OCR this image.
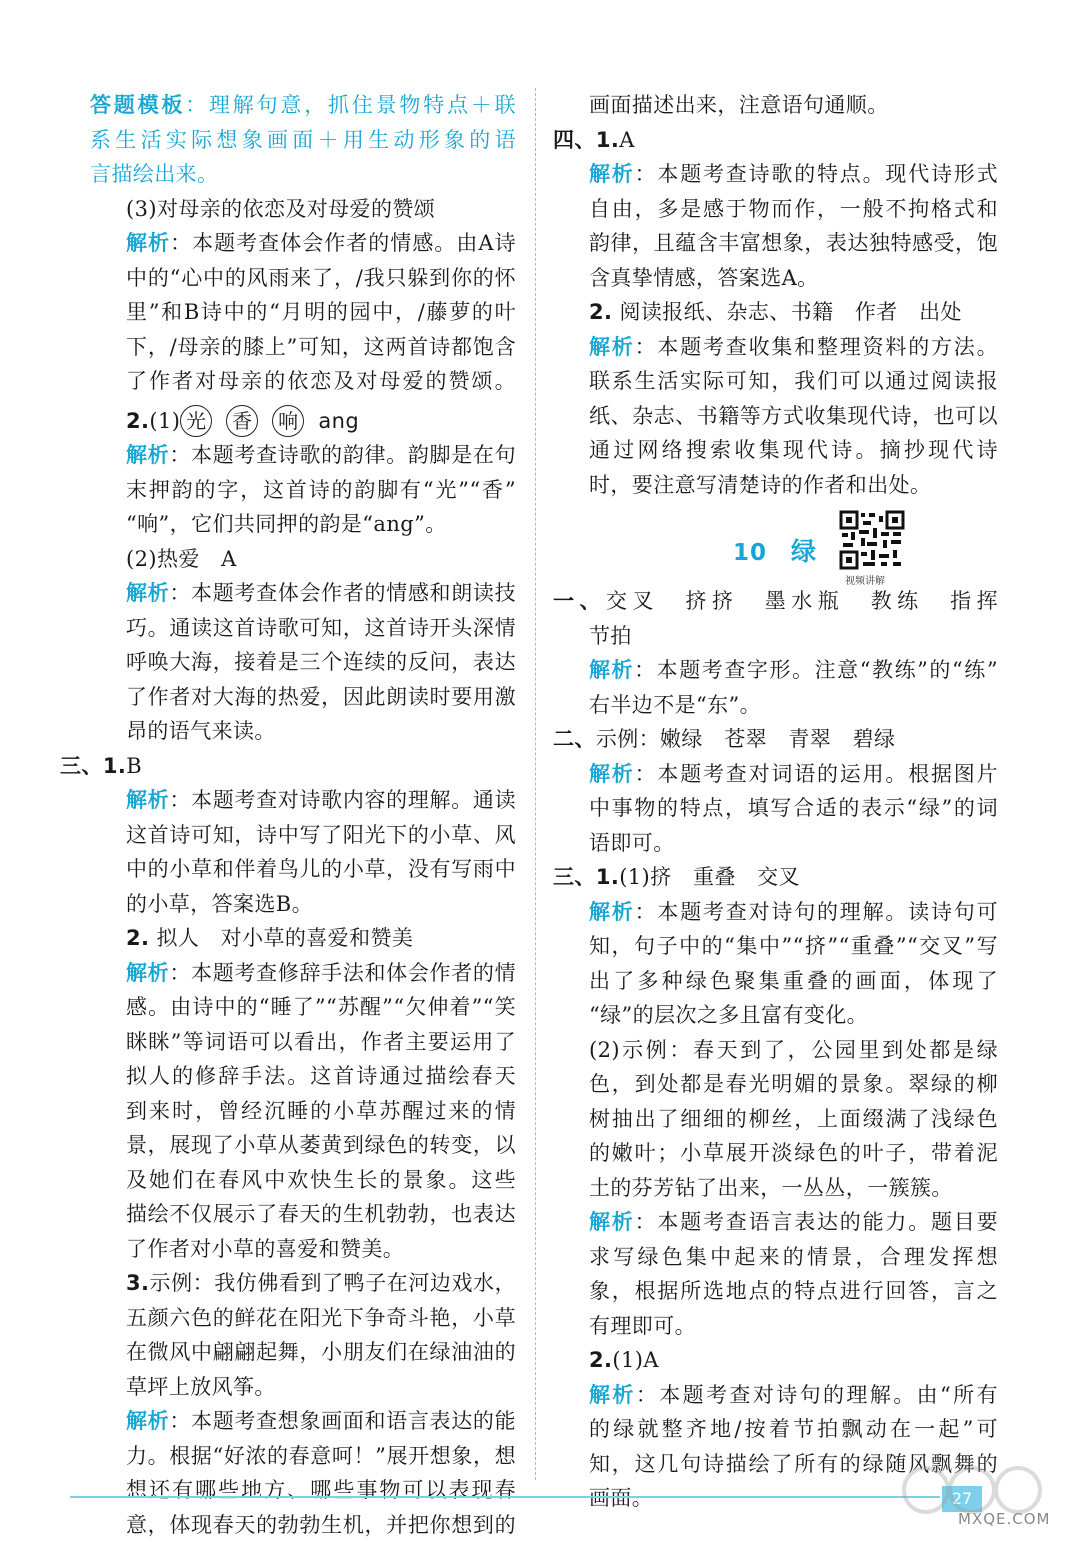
答题模板：理解句意，抓住景物特点＋联
系生活实际想象画面＋用生动形象的语
言描绘出来。
(3)对母亲的依恋及对母爱的赞颂
解析：本题考查体会作者的情感。由A诗
中的“心中的风雨来了，/我只躲到你的怀
里”和B诗中的“月明的园中，/藤萝的叶
下，/母亲的膝上”可知，这两首诗都饱含
了作者对母亲的依恋及对母爱的赞颂。
2.(1) 光 香 响 ang
解析：本题考查诗歌的韵律。韵脚是在句
末押韵的字，这首诗的韵脚有“光”“香”
“响”，它们共同押的韵是“ang”。
(2)热爱　A
解析：本题考查体会作者的情感和朗读技
巧。通读这首诗歌可知，这首诗开头深情
呼唤大海，接着是三个连续的反问，表达
了作者对大海的热爱，因此朗读时要用激
昂的语气来读。
三、1.B
解析：本题考查对诗歌内容的理解。通读
这首诗可知，诗中写了阳光下的小草、风
中的小草和伴着鸟儿的小草，没有写雨中
的小草，答案选B。
2. 拟人　对小草的喜爱和赞美
解析：本题考查修辞手法和体会作者的情
感。由诗中的“睡了”“苏醒”“欠伸着”“笑
眯眯”等词语可以看出，作者主要运用了
拟人的修辞手法。这首诗通过描绘春天
到来时，曾经沉睡的小草苏醒过来的情
景，展现了小草从萎黄到绿色的转变，以
及她们在春风中欢快生长的景象。这些
描绘不仅展示了春天的生机勃勃，也表达
了作者对小草的喜爱和赞美。
3.示例：我仿佛看到了鸭子在河边戏水，
五颜六色的鲜花在阳光下争奇斗艳，小草
在微风中翩翩起舞，小朋友们在绿油油的
草坪上放风筝。
解析：本题考查想象画面和语言表达的能
力。根据“好浓的春意呵！”展开想象，想
想还有哪些地方、哪些事物可以表现春
意，体现春天的勃勃生机，并把你想到的
画面描述出来，注意语句通顺。
四、1.A
解析：本题考查诗歌的特点。现代诗形式
自由，多是感于物而作，一般不拘格式和
韵律，且蕴含丰富想象，表达独特感受，饱
含真挚情感，答案选A。
2. 阅读报纸、杂志、书籍　作者　出处
解析：本题考查收集和整理资料的方法。
联系生活实际可知，我们可以通过阅读报
纸、杂志、书籍等方式收集现代诗，也可以
通过网络搜索收集现代诗。摘抄现代诗
时，要注意写清楚诗的作者和出处。
10 绿
视频讲解
一、交叉　挤挤　墨水瓶　教练　指挥
节拍
解析：本题考查字形。注意“教练”的“练”
右半边不是“东”。
二、示例：嫩绿　苍翠　青翠　碧绿
解析：本题考查对词语的运用。根据图片
中事物的特点，填写合适的表示“绿”的词
语即可。
三、1.(1)挤　重叠　交叉
解析：本题考查对诗句的理解。读诗句可
知，句子中的“集中”“挤”“重叠”“交叉”写
出了多种绿色聚集重叠的画面，体现了
“绿”的层次之多且富有变化。
(2)示例：春天到了，公园里到处都是绿
色，到处都是春光明媚的景象。翠绿的柳
树抽出了细细的柳丝，上面缀满了浅绿色
的嫩叶；小草展开淡绿色的叶子，带着泥
土的芬芳钻了出来，一丛丛，一簇簇。
解析：本题考查语言表达的能力。题目要
求写绿色集中起来的情景，合理发挥想
象，根据所选地点的特点进行回答，言之
有理即可。
2.(1)A
解析：本题考查对诗句的理解。由“所有
的绿就整齐地/按着节拍飘动在一起”可
知，这几句诗描绘了所有的绿随风飘舞的
画面。	27
MXQE.COM
